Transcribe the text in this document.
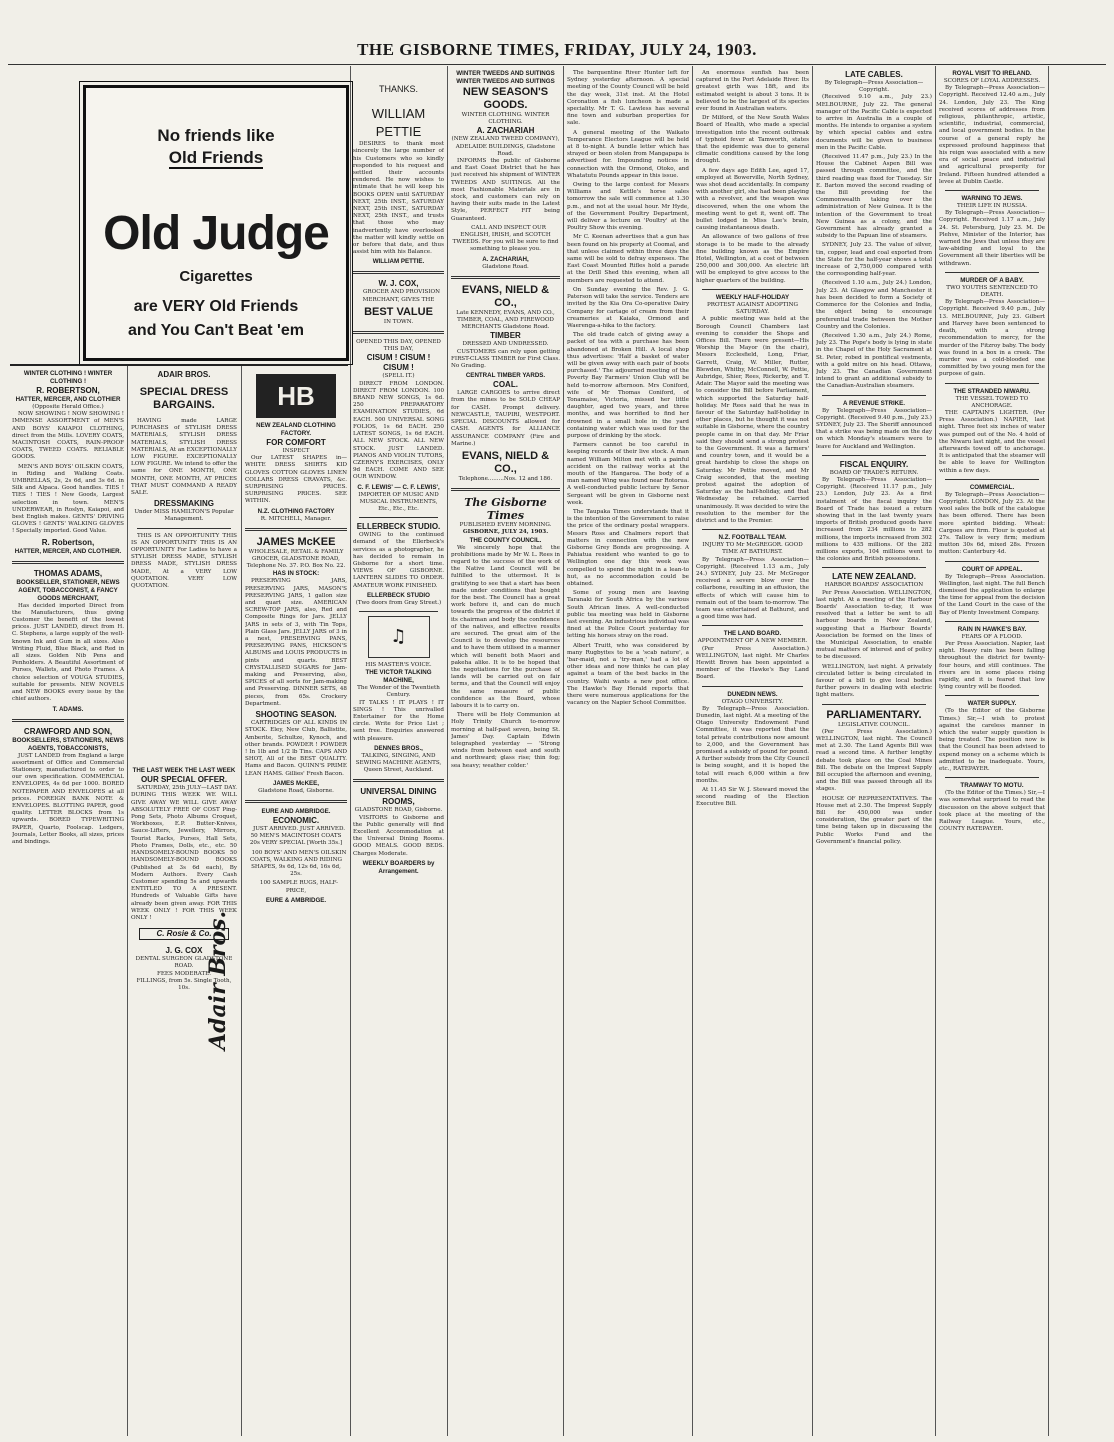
THE GISBORNE TIMES, FRIDAY, JULY 24, 1903.
No friends like
Old Friends
Old Judge
Cigarettes
are VERY Old Friends
and You Can't Beat 'em
WINTER CLOTHING ! WINTER CLOTHING !
R. ROBERTSON,
HATTER, MERCER, AND CLOTHIER
(Opposite Herald Office.)

NOW SHOWING ! NOW SHOWING ! IMMENSE ASSORTMENT of MEN'S AND BOYS' KAIAPOI CLOTHING, direct from the Mills. LOVERY COATS, MACINTOSH COATS, RAIN-PROOF COATS, TWEED COATS. RELIABLE GOODS.

MEN'S AND BOYS' OILSKIN COATS, in Riding and Walking Coats. UMBRELLAS, 2s, 2s 6d, and 3s 6d. in Silk and Alpaca. Good handles. TIES ! TIES ! TIES ! New Goods, Largest selection in town. MEN'S UNDERWEAR, in Roslyn, Kaiapoi, and best English makes. GENTS' DRIVING GLOVES ! GENTS' WALKING GLOVES ! Specially imported. Good Value.

R. Robertson,
HATTER, MERCER, AND CLOTHIER.
THOMAS ADAMS,
BOOKSELLER, STATIONER, NEWS AGENT, TOBACCONIST, & FANCY GOODS MERCHANT,

Has decided imported Direct from the Manufacturers, thus giving Customer the benefit of the lowest prices. JUST LANDED, direct from H. C. Stephens, a large supply of the well-known Ink and Gum in all sizes. Also Writing Fluid, Blue Black, and Red in all sizes. Golden Nib Pens and Penholders. A Beautiful Assortment of Purses, Wallets, and Photo Frames. A choice selection of VOUGA STUDIES, suitable for presents. NEW NOVELS and NEW BOOKS every issue by the chief authors.

T. ADAMS.
CRAWFORD AND SON,
BOOKSELLERS, STATIONERS, NEWS AGENTS, TOBACCONISTS,

JUST LANDED from England a large assortment of Office and Commercial Stationery, manufactured to order to our own specification. COMMERCIAL ENVELOPES, 4s 6d per 1000. BORED NOTEPAPER AND ENVELOPES at all prices. FOREIGN BANK NOTE & ENVELOPES. BLOTTING PAPER, good quality. LETTER BLOCKS from 1s upwards. BORED TYPEWRITING PAPER, Quarto, Foolscap. Ledgers, Journals, Letter Books, all sizes, prices and bindings.

ADAIR BROS.
SPECIAL DRESS BARGAINS.

HAVING made LARGE PURCHASES of STYLISH DRESS MATERIALS, STYLISH DRESS MATERIALS, STYLISH DRESS MATERIALS, At an EXCEPTIONALLY LOW FIGURE. EXCEPTIONALLY LOW FIGURE. We intend to offer the same for ONE MONTH, ONE MONTH, ONE MONTH, AT PRICES THAT MUST COMMAND A READY SALE.

DRESSMAKING
Under MISS HAMILTON'S Popular Management.

THIS IS AN OPPORTUNITY THIS IS AN OPPORTUNITY THIS IS AN OPPORTUNITY For Ladies to have a STYLISH DRESS MADE, STYLISH DRESS MADE, STYLISH DRESS MADE, At a VERY LOW QUOTATION. VERY LOW QUOTATION.

THE LAST WEEK THE LAST WEEK
OUR SPECIAL OFFER.

SATURDAY, 25th JULY—LAST DAY. DURING THIS WEEK WE WILL GIVE AWAY WE WILL GIVE AWAY ABSOLUTELY FREE OF COST Ping-Pong Sets, Photo Albums Croquet, Workboxes, E.P. Butter-Knives, Sauce-Lifters, Jewellery, Mirrors, Tourist Racks, Purses, Hall Sets, Photo Frames, Dolls, etc., etc. 50 HANDSOMELY-BOUND BOOKS 50 HANDSOMELY-BOUND BOOKS (Published at 3s 6d each), By Modern Authors. Every Cash Customer spending 5s and upwards ENTITLED TO A PRESENT. Hundreds of Valuable Gifts have already been given away. FOR THIS WEEK ONLY ! FOR THIS WEEK ONLY !

C. Rosie & Co.
J. G. COX
DENTAL SURGEON GLADSTONE ROAD.
FEES MODERATE.
FILLINGS, from 5s. Single Tooth, 10s. Adair Bros.
HB
NEW ZEALAND CLOTHING FACTORY.
FOR COMFORT
INSPECT

Our LATEST SHAPES in— WHITE DRESS SHIRTS KID GLOVES COTTON GLOVES LINEN COLLARS DRESS CRAVATS, &c. SURPRISING PRICES. SURPRISING PRICES. SEE WITHIN.

N.Z. CLOTHING FACTORY
R. MITCHELL, Manager.
JAMES McKEE
WHOLESALE, RETAIL & FAMILY GROCER, GLADSTONE ROAD,
Telephone No. 37. P.O. Box No. 22.
HAS IN STOCK:

PRESERVING JARS, PRESERVING JARS, MASON'S PRESERVING JARS, 1 gallon size and quart size. AMERICAN SCREW-TOP JARS, also, Red and Composite Rings for Jars. JELLY JARS in sets of 3, with Tin Tops, Plain Glass Jars. JELLY JARS of 3 in a nest, PRESERVING PANS, PRESERVING PANS, HICKSON'S ALBUMS and LOUIS PRODUCTS in pints and quarts. BEST CRYSTALLISED SUGARS for Jam-making and Preserving, also, SPICES of all sorts for Jam-making and Preserving. DINNER SETS, 48 pieces, from 65s. Crockery Department.

SHOOTING SEASON.

CARTRIDGES OF ALL KINDS IN STOCK. Eley, New Club, Ballistite, Amberite, Schultze, Kynoch, and other brands. POWDER ! POWDER ! In 1lb and 1/2 lb Tins. CAPS AND SHOT, All of the BEST QUALITY. Hams and Bacon. QUINN'S PRIME LEAN HAMS. Gillies' Fresh Bacon.

JAMES McKEE,
Gladstone Road, Gisborne.
EURE AND AMBRIDGE.
ECONOMIC.

JUST ARRIVED. JUST ARRIVED. 50 MEN'S MACINTOSH COATS 20s VERY SPECIAL [Worth 35s.]

100 BOYS' AND MEN'S OILSKIN COATS, WALKING AND RIDING SHAPES, 9s 6d, 12s 6d, 16s 6d, 25s.

100 SAMPLE RUGS, HALF-PRICE,

EURE & AMBRIDGE.
THANKS.
WILLIAM PETTIE

DESIRES to thank most sincerely the large number of his Customers who so kindly responded to his request and settled their accounts rendered. He now wishes to intimate that he will keep his BOOKS OPEN until SATURDAY NEXT, 25th INST., SATURDAY NEXT, 25th INST., SATURDAY NEXT, 25th INST., and trusts that those who may inadvertently have overlooked the matter will kindly settle on or before that date, and thus assist him with his Balance.

WILLIAM PETTIE.
W. J. COX,

GROCER AND PROVISION MERCHANT, GIVES THE

BEST VALUE
IN TOWN.
OPENED THIS DAY, OPENED THIS DAY,
CISUM ! CISUM ! CISUM !
(SPELL IT.)

DIRECT FROM LONDON. DIRECT FROM LONDON. 100 BRAND NEW SONGS, 1s 6d. 250 PREPARATORY EXAMINATION STUDIES, 6d EACH. 500 UNIVERSAL SONG FOLIOS, 1s 6d EACH. 250 LATEST SONGS, 1s 6d EACH. ALL NEW STOCK. ALL NEW STOCK. JUST LANDED. PIANOS AND VIOLIN TUTORS, CZERNY'S EXERCISES, ONLY 9d EACH. COME AND SEE OUR WINDOW.

C. F. LEWIS' — C. F. LEWIS',
IMPORTER OF MUSIC AND MUSICAL INSTRUMENTS, Etc., Etc., Etc.
ELLERBECK STUDIO.

OWING to the continued demand of the Ellerbeck's services as a photographer, he has decided to remain in Gisborne for a short time. VIEWS OF GISBORNE. LANTERN SLIDES TO ORDER. AMATEUR WORK FINISHED.

ELLERBECK STUDIO
(Two doors from Gray Street.)
♫
HIS MASTER'S VOICE.
THE VICTOR TALKING MACHINE,
The Wonder of the Twentieth Century.

IT TALKS ! IT PLAYS ! IT SINGS ! This unrivalled Entertainer for the Home circle. Write for Price List ; sent free. Enquiries answered with pleasure.

DENNES BROS.,
TALKING, SINGING, AND SEWING MACHINE AGENTS, Queen Street, Auckland.
UNIVERSAL DINING ROOMS,
GLADSTONE ROAD, Gisborne.

VISITORS to Gisborne and the Public generally will find Excellent Accommodation at the Universal Dining Rooms. GOOD MEALS. GOOD BEDS. Charges Moderate.

WEEKLY BOARDERS by Arrangement.
WINTER TWEEDS AND SUITINGS WINTER TWEEDS AND SUITINGS
NEW SEASON'S GOODS.
WINTER CLOTHING. WINTER CLOTHING.
A. ZACHARIAH
(NEW ZEALAND TWEED COMPANY), ADELAIDE BUILDINGS, Gladstone Road.

INFORMS the public of Gisborne and East Coast District that he has just received his shipment of WINTER TWEEDS AND SUITINGS. All the most Fashionable Materials are in stock, and customers can rely on having their suits made in the Latest Style, PERFECT FIT being Guaranteed.

CALL AND INSPECT OUR ENGLISH, IRISH, and SCOTCH TWEEDS. For you will be sure to find something to please you.

A. ZACHARIAH,
Gladstone Road.
EVANS, NIELD & CO.,
Late KENNEDY, EVANS, AND CO., TIMBER, COAL, AND FIREWOOD MERCHANTS Gladstone Road.
TIMBER
DRESSED AND UNDRESSED.

CUSTOMERS can rely upon getting FIRST-CLASS TIMBER for First Class. No Grading.

CENTRAL TIMBER YARDS.
COAL.

LARGE CARGOES to arrive direct from the mines to be SOLD CHEAP for CASH. Prompt delivery. NEWCASTLE, TAUPIRI, WESTPORT. SPECIAL DISCOUNTS allowed for CASH. AGENTS for ALLIANCE ASSURANCE COMPANY (Fire and Marine.)

EVANS, NIELD & CO.,
Telephone.........Nos. 12 and 186.
The Gisborne Times
PUBLISHED EVERY MORNING.
GISBORNE, JULY 24, 1903.
THE COUNTY COUNCIL.

We sincerely hope that the prohibitions made by Mr W. L. Rees in regard to the success of the work of the Native Land Council will be fulfilled to the uttermost. It is gratifying to see that a start has been made under conditions that bought for the best. The Council has a great work before it, and can do much towards the progress of the district if its chairman and body the confidence of the natives, and effective results are secured. The great aim of the Council is to develop the resources and to have them utilised in a manner which will benefit both Maori and pakeha alike. It is to be hoped that the negotiations for the purchase of lands will be carried out on fair terms, and that the Council will enjoy the same measure of public confidence as the Board, whose labours it is to carry on.

There will be Holy Communion at Holy Trinity Church to-morrow morning at half-past seven, being St. James' Day. Captain Edwin telegraphed yesterday — 'Strong winds from between east and south and northward; glass rise; thin fog; sea heavy; weather colder.'

The barquentine River Hunter left for Sydney yesterday afternoon. A special meeting of the County Council will be held the day week, 31st inst. At the Hotel Coronation a fish luncheon is made a speciality. Mr T. G. Lawless has several fine town and suburban properties for sale.

A general meeting of the Waikato Temperance Electors League will be held at 8 to-night. A bundle letter which has strayed or been stolen from Mangapapa is advertised for. Impounding notices in connection with the Ormond, Otoko, and Whatatutu Pounds appear in this issue.

Owing to the large contest for Messrs Williams and Kettle's horse sales tomorrow the sale will commence at 1.30 p.m., and not at the usual hour. Mr Hyde, of the Government Poultry Department, will deliver a lecture on 'Poultry' at the Poultry Show this evening.

Mr C. Keenan advertises that a gun has been found on his property at Coomal, and that unless claimed within three days the same will be sold to defray expenses. The East Coast Mounted Rifles hold a parade at the Drill Shed this evening, when all members are requested to attend.

On Sunday evening the Rev. J. G. Paterson will take the service. Tenders are invited by the Kia Ora Co-operative Dairy Company for cartage of cream from their creameries at Kaiaka, Ormond and Waerenga-a-hika to the factory.

The old trade catch of giving away a packet of tea with a purchase has been abandoned at Broken Hill. A local shop thus advertises: 'Half a basket of water will be given away with each pair of boots purchased.' The adjourned meeting of the Poverty Bay Farmers' Union Club will be held to-morrow afternoon. Mrs Coniford, wife of Mr Thomas Coniford, of Tonamaise, Victoria, missed her little daughter, aged two years, and three months, and was horrified to find her drowned in a small hole in the yard containing water which was used for the purpose of drinking by the stock.

Farmers cannot be too careful in keeping records of their live stock. A man named William Milton met with a painful accident on the railway works at the mouth of the Hangaroa. The body of a man named Wing was found near Rotorua. A well-conducted public lecture by Senor Sergeant will be given in Gisborne next week.

The Taupaka Times understands that it is the intention of the Government to raise the price of the ordinary postal wrappers. Messrs Ross and Chalmers report that matters in connection with the new Gisborne Grey Bonds are progressing. A Pahiatua resident who wanted to go to Wellington one day this week was compelled to spend the night in a lean-to hut, as no accommodation could be obtained.

Some of young men are leaving Taranaki for South Africa by the various South African lines. A well-conducted public tea meeting was held in Gisborne last evening. An industrious individual was fined at the Police Court yesterday for letting his horses stray on the road.

Albert Truitt, who was considered by many Rugbyites to be a 'scab nature', a 'bar-maid, not a 'try-man,' had a lot of other ideas and now thinks he can play against a team of the best backs in the country. Waihi wants a new post office. The Hawke's Bay Herald reports that there were numerous applications for the vacancy on the Napier School Committee.

An enormous sunfish has been captured in the Port Adelaide River. Its greatest girth was 18ft, and its estimated weight is about 3 tons. It is believed to be the largest of its species ever found in Australian waters.

Dr Milford, of the New South Wales Board of Health, who made a special investigation into the recent outbreak of typhoid fever at Tamworth, states that the epidemic was due to general climatic conditions caused by the long drought.

A few days ago Edith Lee, aged 17, employed at Bowerville, North Sydney, was shot dead accidentally. In company with another girl, she had been playing with a revolver, and the weapon was discovered, when the one whom the meeting went to get it, went off. The bullet lodged in Miss Lee's brain, causing instantaneous death.

An allowance of two gallons of free storage is to be made to the already fine building known as the Empire Hotel, Wellington, at a cost of between 250,000 and 300,000. An electric lift will be employed to give access to the higher quarters of the building.

WEEKLY HALF-HOLIDAY
PROTEST AGAINST ADOPTING SATURDAY.

A public meeting was held at the Borough Council Chambers last evening to consider the Shops and Offices Bill. There were present—His Worship the Mayor (in the chair), Messrs Ecclesfield, Long, Friar, Garrett, Craig, W. Miller, Rutter, Blewden, Whitby, McConnell, W. Pettie, Aubridge, Shier, Rees, Rickerby, and T. Adair. The Mayor said the meeting was to consider the Bill before Parliament, which supported the Saturday half-holiday. Mr Rees said that he was in favour of the Saturday half-holiday in other places, but he thought it was not suitable in Gisborne, where the country people came in on that day. Mr Friar said they should send a strong protest to the Government. It was a farmers' and country town, and it would be a great hardship to close the shops on Saturday. Mr Pettie moved, and Mr Craig seconded, that the meeting protest against the adoption of Saturday as the half-holiday, and that Wednesday be retained. Carried unanimously. It was decided to wire the resolution to the member for the district and to the Premier.

N.Z. FOOTBALL TEAM.
INJURY TO Mr McGREGOR. GOOD TIME AT BATHURST.

By Telegraph—Press Association—Copyright. (Received 1.13 a.m., July 24.) SYDNEY, July 23. Mr McGregor received a severe blow over the collarbone, resulting in an effusion, the effects of which will cause him to remain out of the team to-morrow. The team was entertained at Bathurst, and a good time was had.

THE LAND BOARD.
APPOINTMENT OF A NEW MEMBER.

(Per Press Association.) WELLINGTON, last night. Mr Charles Hewitt Brown has been appointed a member of the Hawke's Bay Land Board.

DUNEDIN NEWS.
OTAGO UNIVERSITY.

By Telegraph—Press Association. Dunedin, last night. At a meeting of the Otago University Endowment Fund Committee, it was reported that the total private contributions now amount to 2,000, and the Government has promised a subsidy of pound for pound. A further subsidy from the City Council is being sought, and it is hoped the total will reach 6,000 within a few months.

At 11.45 Sir W. J. Steward moved the second reading of the Election Executive Bill.

LATE CABLES.
By Telegraph—Press Association—Copyright.

(Received 9.10 a.m., July 23.) MELBOURNE, July 22. The general manager of the Pacific Cable is expected to arrive in Australia in a couple of months. He intends to organise a system by which special cables and extra documents will be given to business men in the Pacific Cable.

(Received 11.47 p.m., July 23.) In the House the Cabinet Aspen Bill was passed through committee, and the third reading was fixed for Tuesday. Sir E. Barton moved the second reading of the Bill providing for the Commonwealth taking over the administration of New Guinea. It is the intention of the Government to treat New Guinea as a colony, and the Government has already granted a subsidy to the Papuan line of steamers.

SYDNEY, July 23. The value of silver, tin, copper, lead and coal exported from the State for the half-year shows a total increase of 2,750,000 compared with the corresponding half-year.

(Received 1.10 a.m., July 24.) London, July 23. At Glasgow and Manchester it has been decided to form a Society of Commerce for the Colonies and India, the object being to encourage preferential trade between the Mother Country and the Colonies.

(Received 1.30 a.m., July 24.) Rome, July 23. The Pope's body is lying in state in the Chapel of the Holy Sacrament at St. Peter, robed in pontifical vestments, with a gold mitre on his head. Ottawa, July 23. The Canadian Government intend to grant an additional subsidy to the Canadian-Australian steamers.

A REVENUE STRIKE.

By Telegraph—Press Association—Copyright. (Received 9.40 p.m., July 23.) SYDNEY, July 23. The Sheriff announced that a strike was being made on the day on which Monday's steamers were to leave for Auckland and Wellington.

FISCAL ENQUIRY.
BOARD OF TRADE'S RETURN.

By Telegraph—Press Association—Copyright. (Received 11.17 p.m., July 23.) London, July 23. As a first instalment of the fiscal inquiry the Board of Trade has issued a return showing that in the last twenty years imports of British produced goods have increased from 234 millions to 282 millions, the imports increased from 302 millions to 435 millions. Of the 282 millions exports, 104 millions went to the colonies and British possessions.

LATE NEW ZEALAND.
HARBOR BOARDS' ASSOCIATION

Per Press Association. WELLINGTON, last night. At a meeting of the Harbour Boards' Association to-day, it was resolved that a letter be sent to all harbour boards in New Zealand, suggesting that a Harbour Boards' Association be formed on the lines of the Municipal Association, to enable mutual matters of interest and of policy to be discussed.

WELLINGTON, last night. A privately circulated letter is being circulated in favour of a bill to give local bodies further powers in dealing with electric light matters.

PARLIAMENTARY.
LEGISLATIVE COUNCIL.

(Per Press Association.) WELLINGTON, last night. The Council met at 2.30. The Land Agents Bill was read a second time. A further lengthy debate took place on the Coal Mines Bill. The debate on the Imprest Supply Bill occupied the afternoon and evening, and the Bill was passed through all its stages.

HOUSE OF REPRESENTATIVES. The House met at 2.30. The Imprest Supply Bill for 450,000 was under consideration, the greater part of the time being taken up in discussing the Public Works Fund and the Government's financial policy.

ROYAL VISIT TO IRELAND.
SCORES OF LOYAL ADDRESSES.

By Telegraph—Press Association—Copyright. Received 12.40 a.m., July 24. London, July 23. The King received scores of addresses from religious, philanthropic, artistic, scientific, industrial, commercial, and local government bodies. In the course of a general reply he expressed profound happiness that his reign was associated with a new era of social peace and industrial and agricultural prosperity for Ireland. Fifteen hundred attended a levee at Dublin Castle.

WARNING TO JEWS.
THEIR LIFE IN RUSSIA.

By Telegraph—Press Association—Copyright. Received 1.17 a.m., July 24. St. Petersburg, July 23. M. De Plehve, Minister of the Interior, has warned the Jews that unless they are law-abiding and loyal to the Government all their liberties will be withdrawn.

MURDER OF A BABY.
TWO YOUTHS SENTENCED TO DEATH.

By Telegraph—Press Association—Copyright. Received 9.40 p.m., July 13. MELBOURNE, July 23. Gilbert and Harvey have been sentenced to death, with a strong recommendation to mercy, for the murder of the Fitzroy baby. The body was found in a box in a creek. The murder was a cold-blooded one committed by two young men for the purpose of gain.

THE STRANDED NIWARU.
THE VESSEL TOWED TO ANCHORAGE.

THE CAPTAIN'S LIGHTER. (Per Press Association.) NAPIER, last night. Three feet six inches of water was pumped out of the No. 4 hold of the Niwaru last night, and the vessel afterwards towed off to anchorage. It is anticipated that the steamer will be able to leave for Wellington within a few days.

COMMERCIAL.

By Telegraph—Press Association—Copyright. LONDON, July 23. At the wool sales the bulk of the catalogue has been offered. There has been more spirited bidding. Wheat: Cargoes are firm. Flour is quoted at 27s. Tallow is very firm; medium mutton 30s 6d, mixed 28s. Frozen mutton: Canterbury 4d.

COURT OF APPEAL.

By Telegraph—Press Association. Wellington, last night. The full Bench dismissed the application to enlarge the time for appeal from the decision of the Land Court in the case of the Bay of Plenty Investment Company.

RAIN IN HAWKE'S BAY.
FEARS OF A FLOOD.

Per Press Association. Napier, last night. Heavy rain has been falling throughout the district for twenty-four hours, and still continues. The rivers are in some places rising rapidly, and it is feared that low lying country will be flooded.

WATER SUPPLY.

(To the Editor of the Gisborne Times.) Sir,—I wish to protest against the careless manner in which the water supply question is being treated. The position now is that the Council has been advised to expend money on a scheme which is admitted to be inadequate. Yours, etc., RATEPAYER.

TRAMWAY TO MOTU.

(To the Editor of the Times.) Sir,—I was somewhat surprised to read the discussion on the above subject that took place at the meeting of the Railway League. Yours, etc., COUNTY RATEPAYER.
